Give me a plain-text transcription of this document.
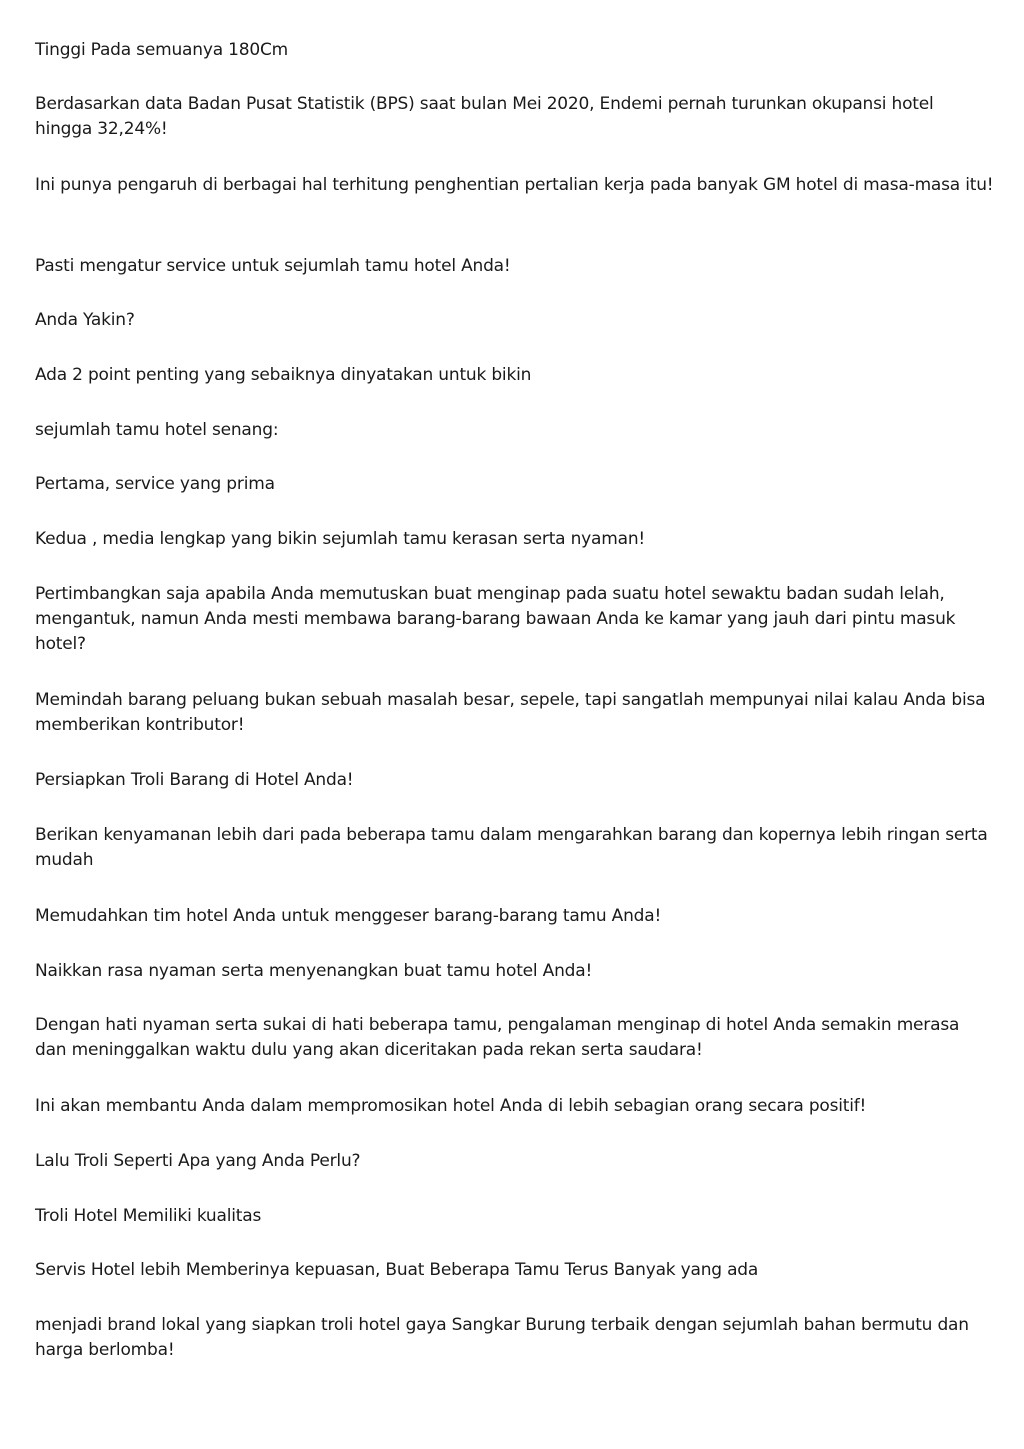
Tinggi Pada semuanya 180Cm

Berdasarkan data Badan Pusat Statistik (BPS) saat bulan Mei 2020, Endemi pernah turunkan okupansi hotel hingga 32,24%!

Ini punya pengaruh di berbagai hal terhitung penghentian pertalian kerja pada banyak GM hotel di masa-masa itu!

Pasti mengatur service untuk sejumlah tamu hotel Anda!

Anda Yakin?

Ada 2 point penting yang sebaiknya dinyatakan untuk bikin

sejumlah tamu hotel senang:

Pertama, service yang prima

Kedua , media lengkap yang bikin sejumlah tamu kerasan serta nyaman!

Pertimbangkan saja apabila Anda memutuskan buat menginap pada suatu hotel sewaktu badan sudah lelah, mengantuk, namun Anda mesti membawa barang-barang bawaan Anda ke kamar yang jauh dari pintu masuk hotel?

Memindah barang peluang bukan sebuah masalah besar, sepele, tapi sangatlah mempunyai nilai kalau Anda bisa memberikan kontributor!

Persiapkan Troli Barang di Hotel Anda!

Berikan kenyamanan lebih dari pada beberapa tamu dalam mengarahkan barang dan kopernya lebih ringan serta mudah

Memudahkan tim hotel Anda untuk menggeser barang-barang tamu Anda!

Naikkan rasa nyaman serta menyenangkan buat tamu hotel Anda!

Dengan hati nyaman serta sukai di hati beberapa tamu, pengalaman menginap di hotel Anda semakin merasa dan meninggalkan waktu dulu yang akan diceritakan pada rekan serta saudara!

Ini akan membantu Anda dalam mempromosikan hotel Anda di lebih sebagian orang secara positif!

Lalu Troli Seperti Apa yang Anda Perlu?

Troli Hotel Memiliki kualitas

Servis Hotel lebih Memberinya kepuasan, Buat Beberapa Tamu Terus Banyak yang ada

menjadi brand lokal yang siapkan troli hotel gaya Sangkar Burung terbaik dengan sejumlah bahan bermutu dan harga berlomba!
